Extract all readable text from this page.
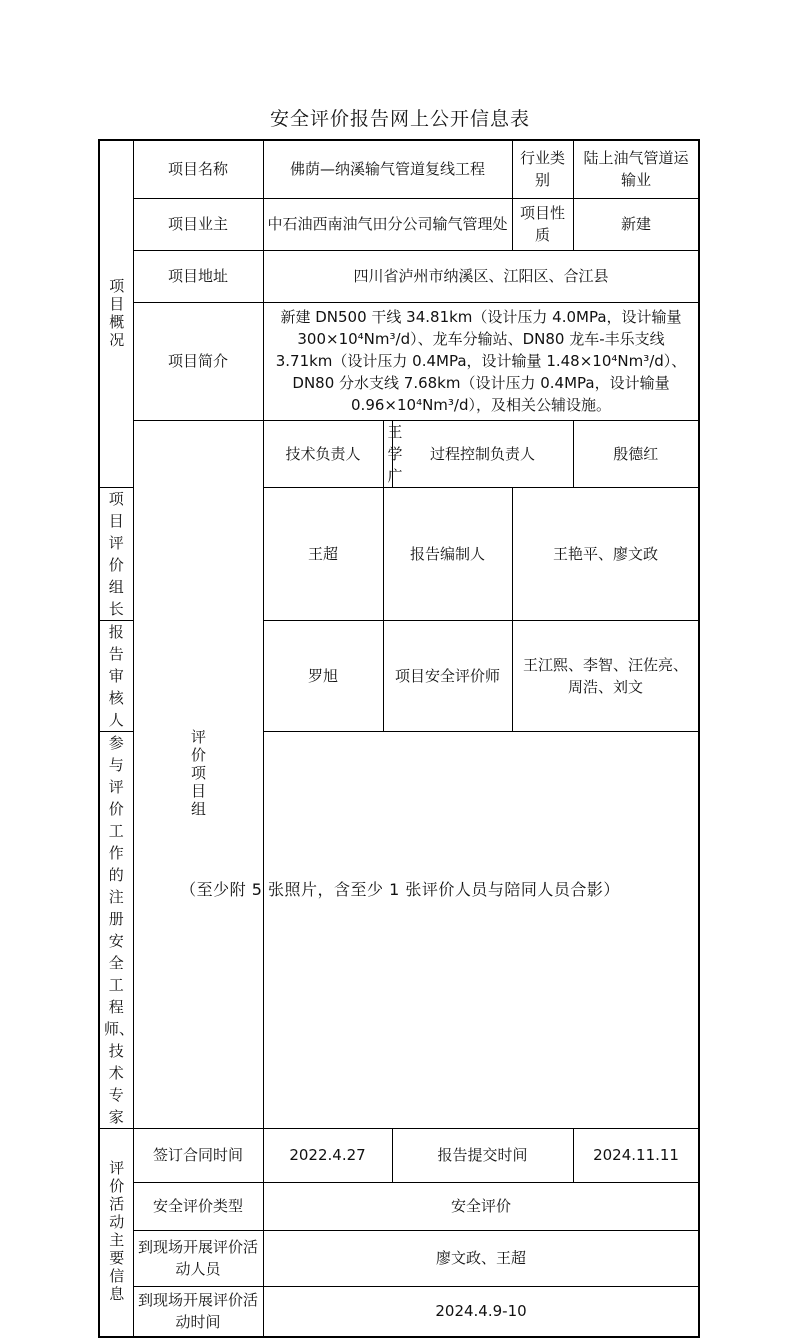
安全评价报告网上公开信息表
项目概况	项目名称	佛荫—纳溪输气管道复线工程			行业类别	陆上油气管道运输业
	项目业主	中石油西南油气田分公司输气管理处			项目性质	新建
	项目地址	四川省泸州市纳溪区、江阳区、合江县				
	项目简介	新建 DN500 干线 34.81km（设计压力 4.0MPa，设计输量 300×10⁴Nm³/d）、龙车分输站、DN80 龙车-丰乐支线 3.71km（设计压力 0.4MPa，设计输量 1.48×10⁴Nm³/d）、DN80 分水支线 7.68km（设计压力 0.4MPa，设计输量 0.96×10⁴Nm³/d），及相关公辅设施。				
	评价项目组	技术负责人	王学广	过程控制负责人		殷德红
项目评价组长		王超	报告编制人		王艳平、廖文政	
报告审核人		罗旭	项目安全评价师		王江熙、李智、汪佐亮、周浩、刘文	
参与评价工作的注册安全工程师、技术专家						
评价活动主要信息	签订合同时间	2022.4.27		报告提交时间		2024.11.11
	安全评价类型	安全评价				
	到现场开展评价活动人员	廖文政、王超				
	到现场开展评价活动时间	2024.4.9-10				
（至少附 5 张照片，含至少 1 张评价人员与陪同人员合影）
